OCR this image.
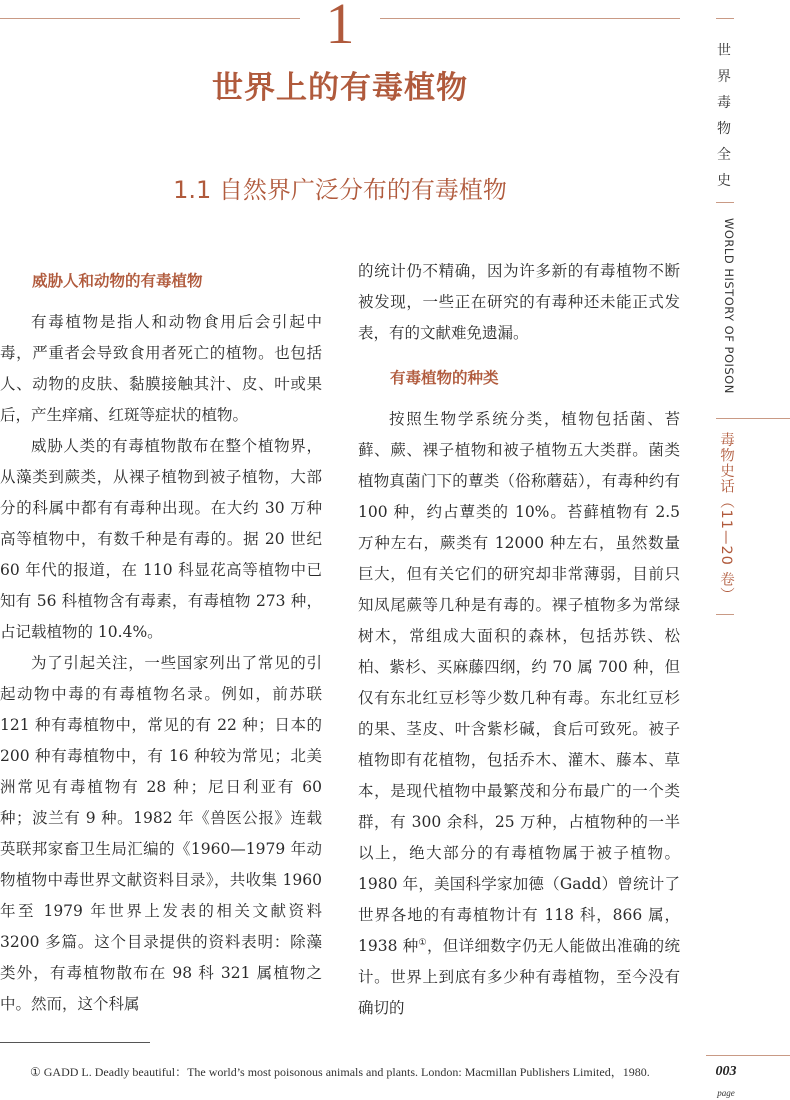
1
世界上的有毒植物
1.1 自然界广泛分布的有毒植物
威胁人和动物的有毒植物

有毒植物是指人和动物食用后会引起中毒，严重者会导致食用者死亡的植物。也包括人、动物的皮肤、黏膜接触其汁、皮、叶或果后，产生痒痛、红斑等症状的植物。

威胁人类的有毒植物散布在整个植物界，从藻类到蕨类，从裸子植物到被子植物，大部分的科属中都有有毒种出现。在大约 30 万种高等植物中，有数千种是有毒的。据 20 世纪 60 年代的报道，在 110 科显花高等植物中已知有 56 科植物含有毒素，有毒植物 273 种，占记载植物的 10.4%。

为了引起关注，一些国家列出了常见的引起动物中毒的有毒植物名录。例如，前苏联 121 种有毒植物中，常见的有 22 种；日本的 200 种有毒植物中，有 16 种较为常见；北美洲常见有毒植物有 28 种；尼日利亚有 60 种；波兰有 9 种。1982 年《兽医公报》连载英联邦家畜卫生局汇编的《1960—1979 年动物植物中毒世界文献资料目录》，共收集 1960 年至 1979 年世界上发表的相关文献资料 3200 多篇。这个目录提供的资料表明：除藻类外，有毒植物散布在 98 科 321 属植物之中。然而，这个科属

的统计仍不精确，因为许多新的有毒植物不断被发现，一些正在研究的有毒种还未能正式发表，有的文献难免遗漏。

有毒植物的种类

按照生物学系统分类，植物包括菌、苔藓、蕨、裸子植物和被子植物五大类群。菌类植物真菌门下的蕈类（俗称蘑菇），有毒种约有 100 种，约占蕈类的 10%。苔藓植物有 2.5 万种左右，蕨类有 12000 种左右，虽然数量巨大，但有关它们的研究却非常薄弱，目前只知凤尾蕨等几种是有毒的。裸子植物多为常绿树木，常组成大面积的森林，包括苏铁、松柏、紫杉、买麻藤四纲，约 70 属 700 种，但仅有东北红豆杉等少数几种有毒。东北红豆杉的果、茎皮、叶含紫杉碱，食后可致死。被子植物即有花植物，包括乔木、灌木、藤本、草本，是现代植物中最繁茂和分布最广的一个类群，有 300 余科，25 万种，占植物种的一半以上，绝大部分的有毒植物属于被子植物。1980 年，美国科学家加德（Gadd）曾统计了世界各地的有毒植物计有 118 科，866 属，1938 种①，但详细数字仍无人能做出准确的统计。世界上到底有多少种有毒植物，至今没有确切的

① GADD L. Deadly beautiful：The world’s most poisonous animals and plants. London: Macmillan Publishers Limited，1980.
世
界
毒
物
全
史
WORLD HISTORY OF POISON
毒物史话（11—20 卷）
003
page
